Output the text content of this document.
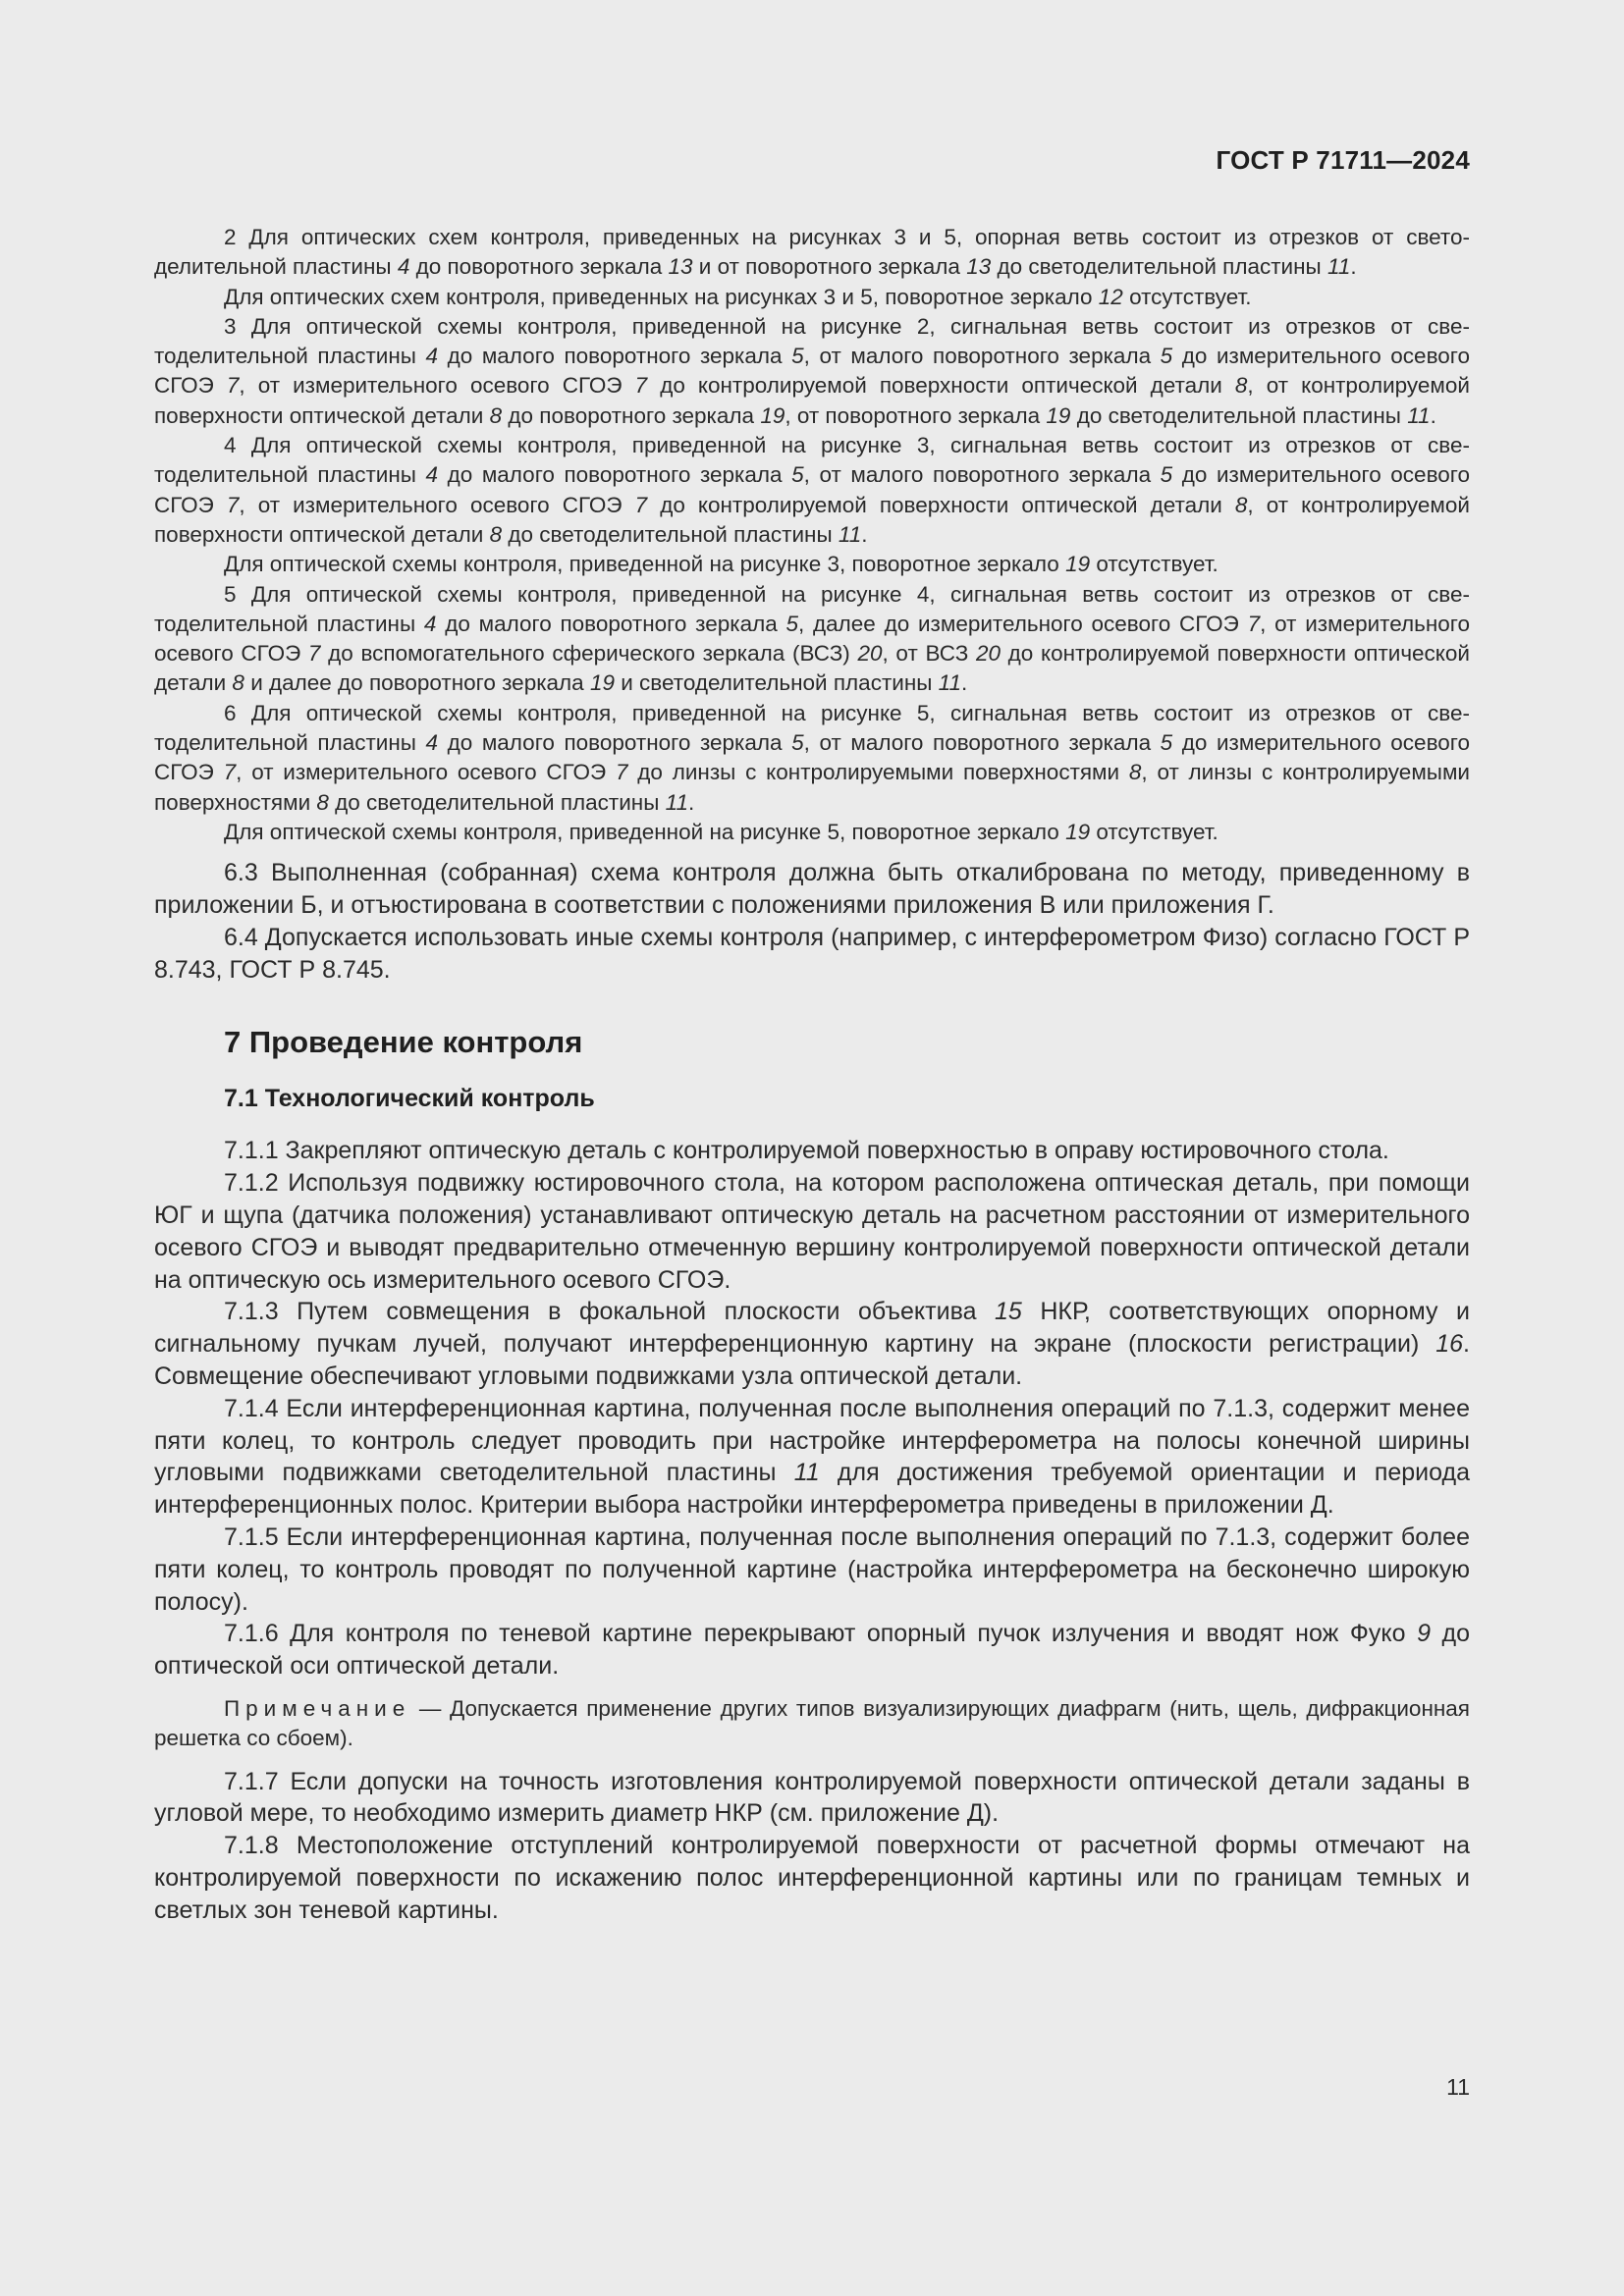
ГОСТ Р 71711—2024

2 Для оптических схем контроля, приведенных на рисунках 3 и 5, опорная ветвь состоит из отрезков от светоделительной пластины 4 до поворотного зеркала 13 и от поворотного зеркала 13 до светоделительной пластины 11.

Для оптических схем контроля, приведенных на рисунках 3 и 5, поворотное зеркало 12 отсутствует.

3 Для оптической схемы контроля, приведенной на рисунке 2, сигнальная ветвь состоит из отрезков от светоделительной пластины 4 до малого поворотного зеркала 5, от малого поворотного зеркала 5 до измерительного осевого СГОЭ 7, от измерительного осевого СГОЭ 7 до контролируемой поверхности оптической детали 8, от контролируемой поверхности оптической детали 8 до поворотного зеркала 19, от поворотного зеркала 19 до светоделительной пластины 11.

4 Для оптической схемы контроля, приведенной на рисунке 3, сигнальная ветвь состоит из отрезков от светоделительной пластины 4 до малого поворотного зеркала 5, от малого поворотного зеркала 5 до измерительного осевого СГОЭ 7, от измерительного осевого СГОЭ 7 до контролируемой поверхности оптической детали 8, от контролируемой поверхности оптической детали 8 до светоделительной пластины 11.

Для оптической схемы контроля, приведенной на рисунке 3, поворотное зеркало 19 отсутствует.

5 Для оптической схемы контроля, приведенной на рисунке 4, сигнальная ветвь состоит из отрезков от светоделительной пластины 4 до малого поворотного зеркала 5, далее до измерительного осевого СГОЭ 7, от измерительного осевого СГОЭ 7 до вспомогательного сферического зеркала (ВСЗ) 20, от ВСЗ 20 до контролируемой поверхности оптической детали 8 и далее до поворотного зеркала 19 и светоделительной пластины 11.

6 Для оптической схемы контроля, приведенной на рисунке 5, сигнальная ветвь состоит из отрезков от светоделительной пластины 4 до малого поворотного зеркала 5, от малого поворотного зеркала 5 до измерительного осевого СГОЭ 7, от измерительного осевого СГОЭ 7 до линзы с контролируемыми поверхностями 8, от линзы с контролируемыми поверхностями 8 до светоделительной пластины 11.

Для оптической схемы контроля, приведенной на рисунке 5, поворотное зеркало 19 отсутствует.

6.3 Выполненная (собранная) схема контроля должна быть откалибрована по методу, приведенному в приложении Б, и отъюстирована в соответствии с положениями приложения В или приложения Г.

6.4 Допускается использовать иные схемы контроля (например, с интерферометром Физо) согласно ГОСТ Р 8.743, ГОСТ Р 8.745.

7 Проведение контроля
7.1 Технологический контроль

7.1.1 Закрепляют оптическую деталь с контролируемой поверхностью в оправу юстировочного стола.

7.1.2 Используя подвижку юстировочного стола, на котором расположена оптическая деталь, при помощи ЮГ и щупа (датчика положения) устанавливают оптическую деталь на расчетном расстоянии от измерительного осевого СГОЭ и выводят предварительно отмеченную вершину контролируемой поверхности оптической детали на оптическую ось измерительного осевого СГОЭ.

7.1.3 Путем совмещения в фокальной плоскости объектива 15 НКР, соответствующих опорному и сигнальному пучкам лучей, получают интерференционную картину на экране (плоскости регистрации) 16. Совмещение обеспечивают угловыми подвижками узла оптической детали.

7.1.4 Если интерференционная картина, полученная после выполнения операций по 7.1.3, содержит менее пяти колец, то контроль следует проводить при настройке интерферометра на полосы конечной ширины угловыми подвижками светоделительной пластины 11 для достижения требуемой ориентации и периода интерференционных полос. Критерии выбора настройки интерферометра приведены в приложении Д.

7.1.5 Если интерференционная картина, полученная после выполнения операций по 7.1.3, содержит более пяти колец, то контроль проводят по полученной картине (настройка интерферометра на бесконечно широкую полосу).

7.1.6 Для контроля по теневой картине перекрывают опорный пучок излучения и вводят нож Фуко 9 до оптической оси оптической детали.

Примечание — Допускается применение других типов визуализирующих диафрагм (нить, щель, дифракционная решетка со сбоем).

7.1.7 Если допуски на точность изготовления контролируемой поверхности оптической детали заданы в угловой мере, то необходимо измерить диаметр НКР (см. приложение Д).

7.1.8 Местоположение отступлений контролируемой поверхности от расчетной формы отмечают на контролируемой поверхности по искажению полос интерференционной картины или по границам темных и светлых зон теневой картины.

11
